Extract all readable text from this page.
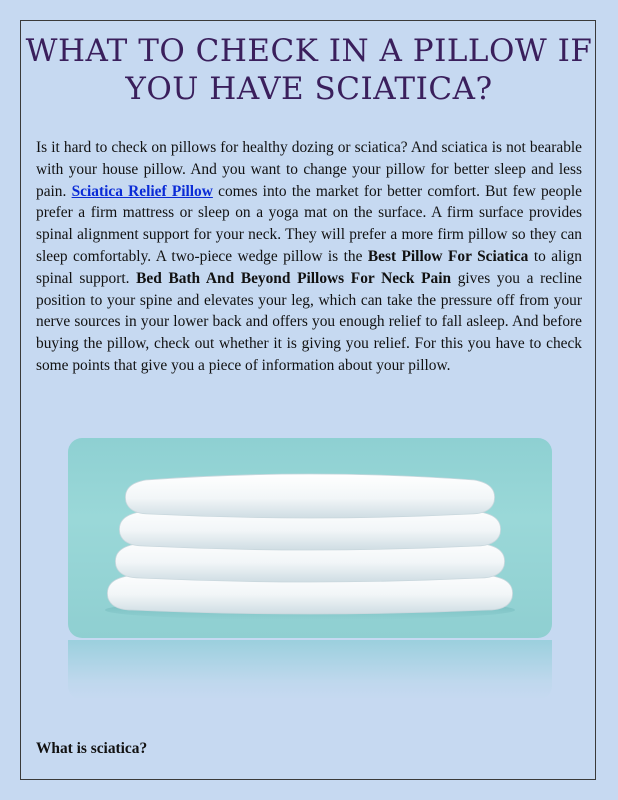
WHAT TO CHECK IN A PILLOW IF YOU HAVE SCIATICA?

Is it hard to check on pillows for healthy dozing or sciatica? And sciatica is not bearable with your house pillow. And you want to change your pillow for better sleep and less pain. Sciatica Relief Pillow comes into the market for better comfort. But few people prefer a firm mattress or sleep on a yoga mat on the surface. A firm surface provides spinal alignment support for your neck. They will prefer a more firm pillow so they can sleep comfortably. A two-piece wedge pillow is the Best Pillow For Sciatica to align spinal support. Bed Bath And Beyond Pillows For Neck Pain gives you a recline position to your spine and elevates your leg, which can take the pressure off from your nerve sources in your lower back and offers you enough relief to fall asleep. And before buying the pillow, check out whether it is giving you relief. For this you have to check some points that give you a piece of information about your pillow.

What is sciatica?
